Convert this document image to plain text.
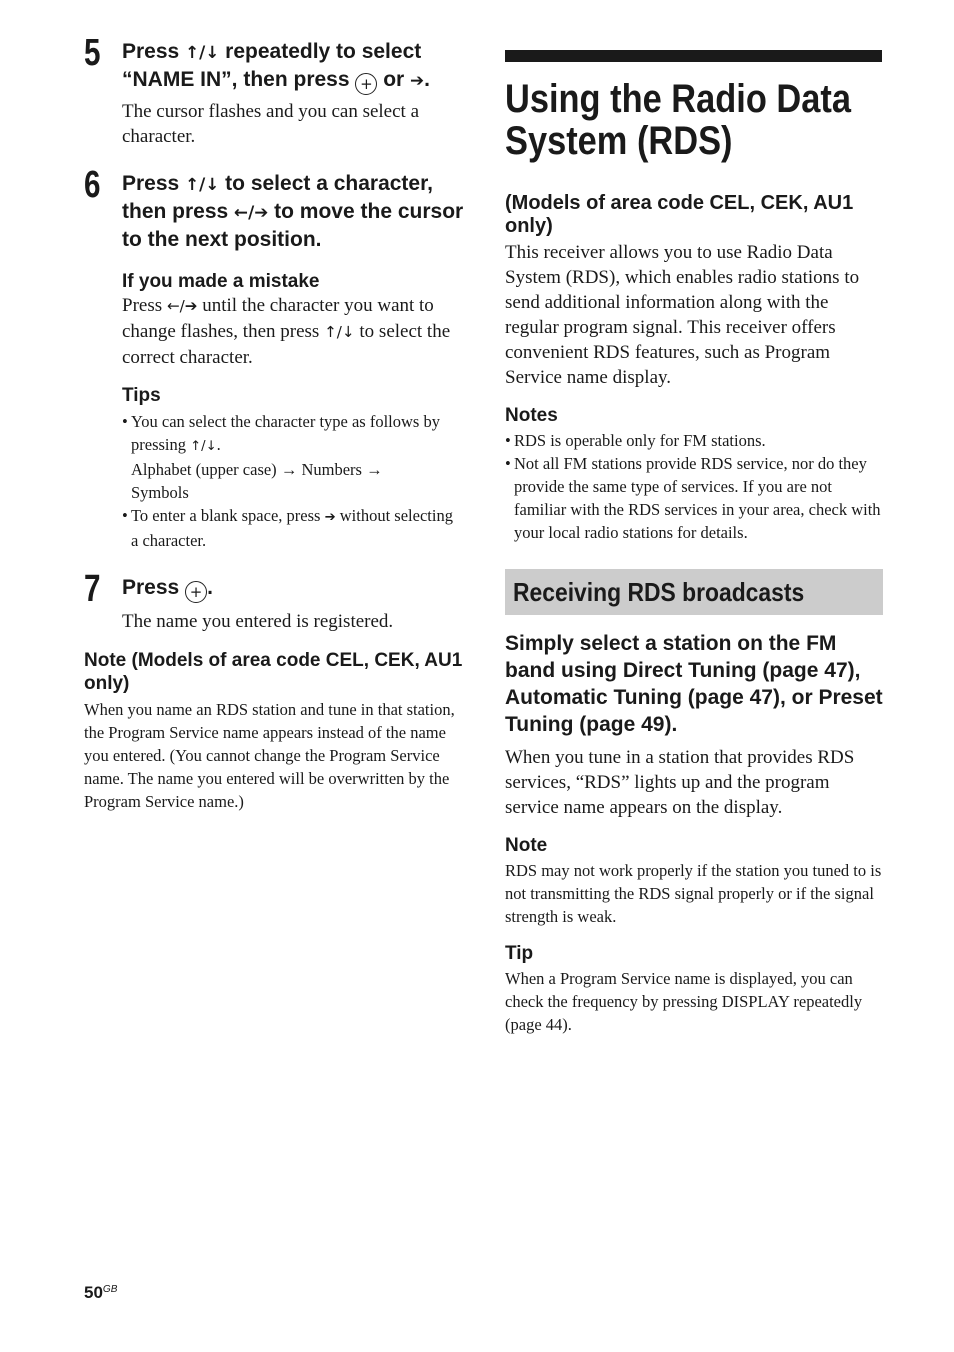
5 Press ↑/↓ repeatedly to select “NAME IN”, then press + or ➔.

The cursor flashes and you can select a character.

6 Press ↑/↓ to select a character, then press ←/➔ to move the cursor to the next position.

If you made a mistake

Press ←/➔ until the character you want to change flashes, then press ↑/↓ to select the correct character.

Tips

• You can select the character type as follows by pressing ↑/↓.
Alphabet (upper case) → Numbers →
Symbols
• To enter a blank space, press ➔ without selecting a character.
7 Press + .

The name you entered is registered.

Note (Models of area code CEL, CEK, AU1 only)

When you name an RDS station and tune in that station, the Program Service name appears instead of the name you entered. (You cannot change the Program Service name. The name you entered will be overwritten by the Program Service name.)

Using the Radio Data System (RDS)

(Models of area code CEL, CEK, AU1 only)

This receiver allows you to use Radio Data System (RDS), which enables radio stations to send additional information along with the regular program signal. This receiver offers convenient RDS features, such as Program Service name display.

Notes

• RDS is operable only for FM stations.
• Not all FM stations provide RDS service, nor do they provide the same type of services. If you are not familiar with the RDS services in your area, check with your local radio stations for details.
Receiving RDS broadcasts

Simply select a station on the FM band using Direct Tuning (page 47), Automatic Tuning (page 47), or Preset Tuning (page 49).

When you tune in a station that provides RDS services, “RDS” lights up and the program service name appears on the display.

Note

RDS may not work properly if the station you tuned to is not transmitting the RDS signal properly or if the signal strength is weak.

Tip

When a Program Service name is displayed, you can check the frequency by pressing DISPLAY repeatedly (page 44).

$50^{GB}$
